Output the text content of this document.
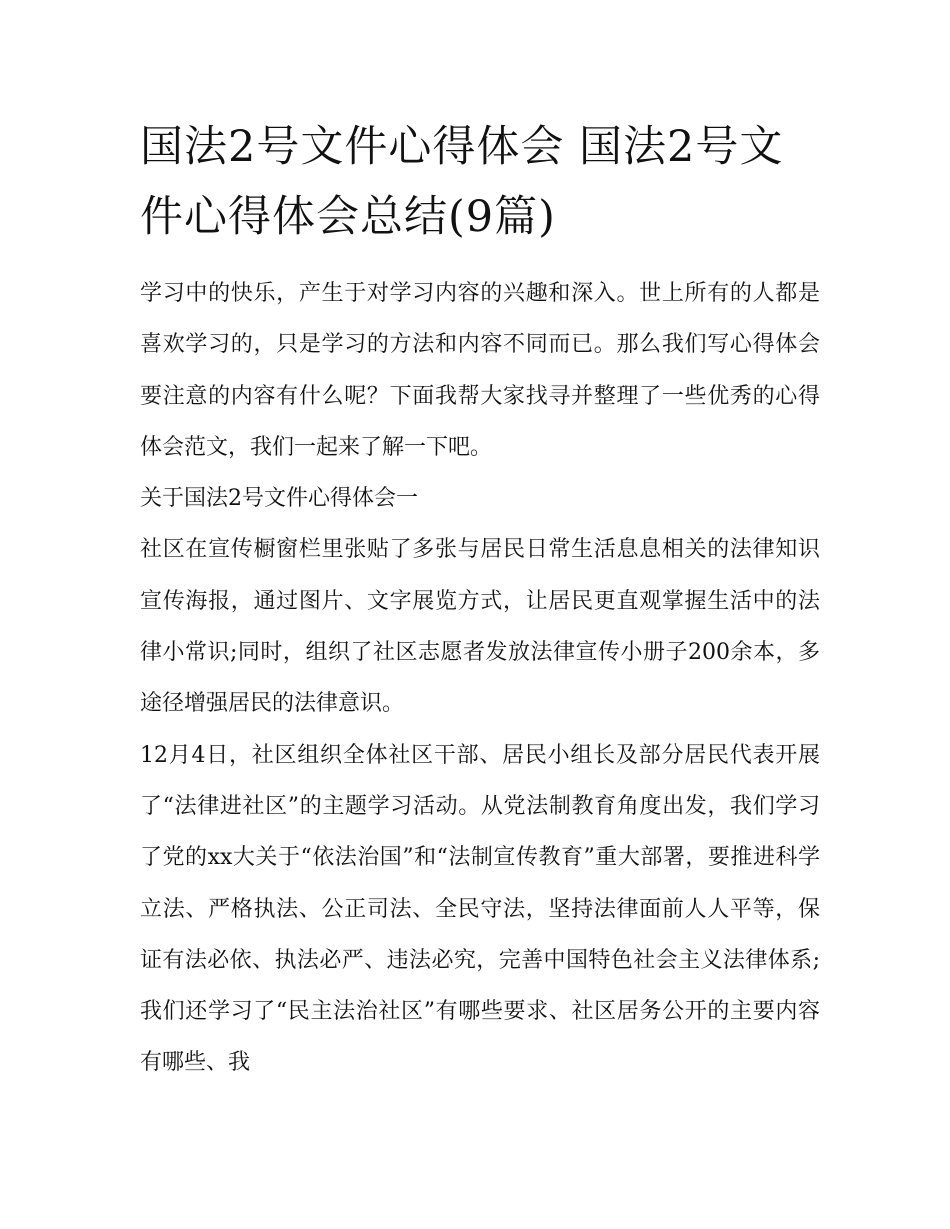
国法2号文件心得体会 国法2号文件心得体会总结(9篇)

学习中的快乐，产生于对学习内容的兴趣和深入。世上所有的人都是喜欢学习的，只是学习的方法和内容不同而已。那么我们写心得体会要注意的内容有什么呢？下面我帮大家找寻并整理了一些优秀的心得体会范文，我们一起来了解一下吧。

关于国法2号文件心得体会一

社区在宣传橱窗栏里张贴了多张与居民日常生活息息相关的法律知识宣传海报，通过图片、文字展览方式，让居民更直观掌握生活中的法律小常识;同时，组织了社区志愿者发放法律宣传小册子200余本，多途径增强居民的法律意识。

12月4日，社区组织全体社区干部、居民小组长及部分居民代表开展了“法律进社区”的主题学习活动。从党法制教育角度出发，我们学习了党的xx大关于“依法治国”和“法制宣传教育”重大部署，要推进科学立法、严格执法、公正司法、全民守法，坚持法律面前人人平等，保证有法必依、执法必严、违法必究，完善中国特色社会主义法律体系;我们还学习了“民主法治社区”有哪些要求、社区居务公开的主要内容有哪些、我
